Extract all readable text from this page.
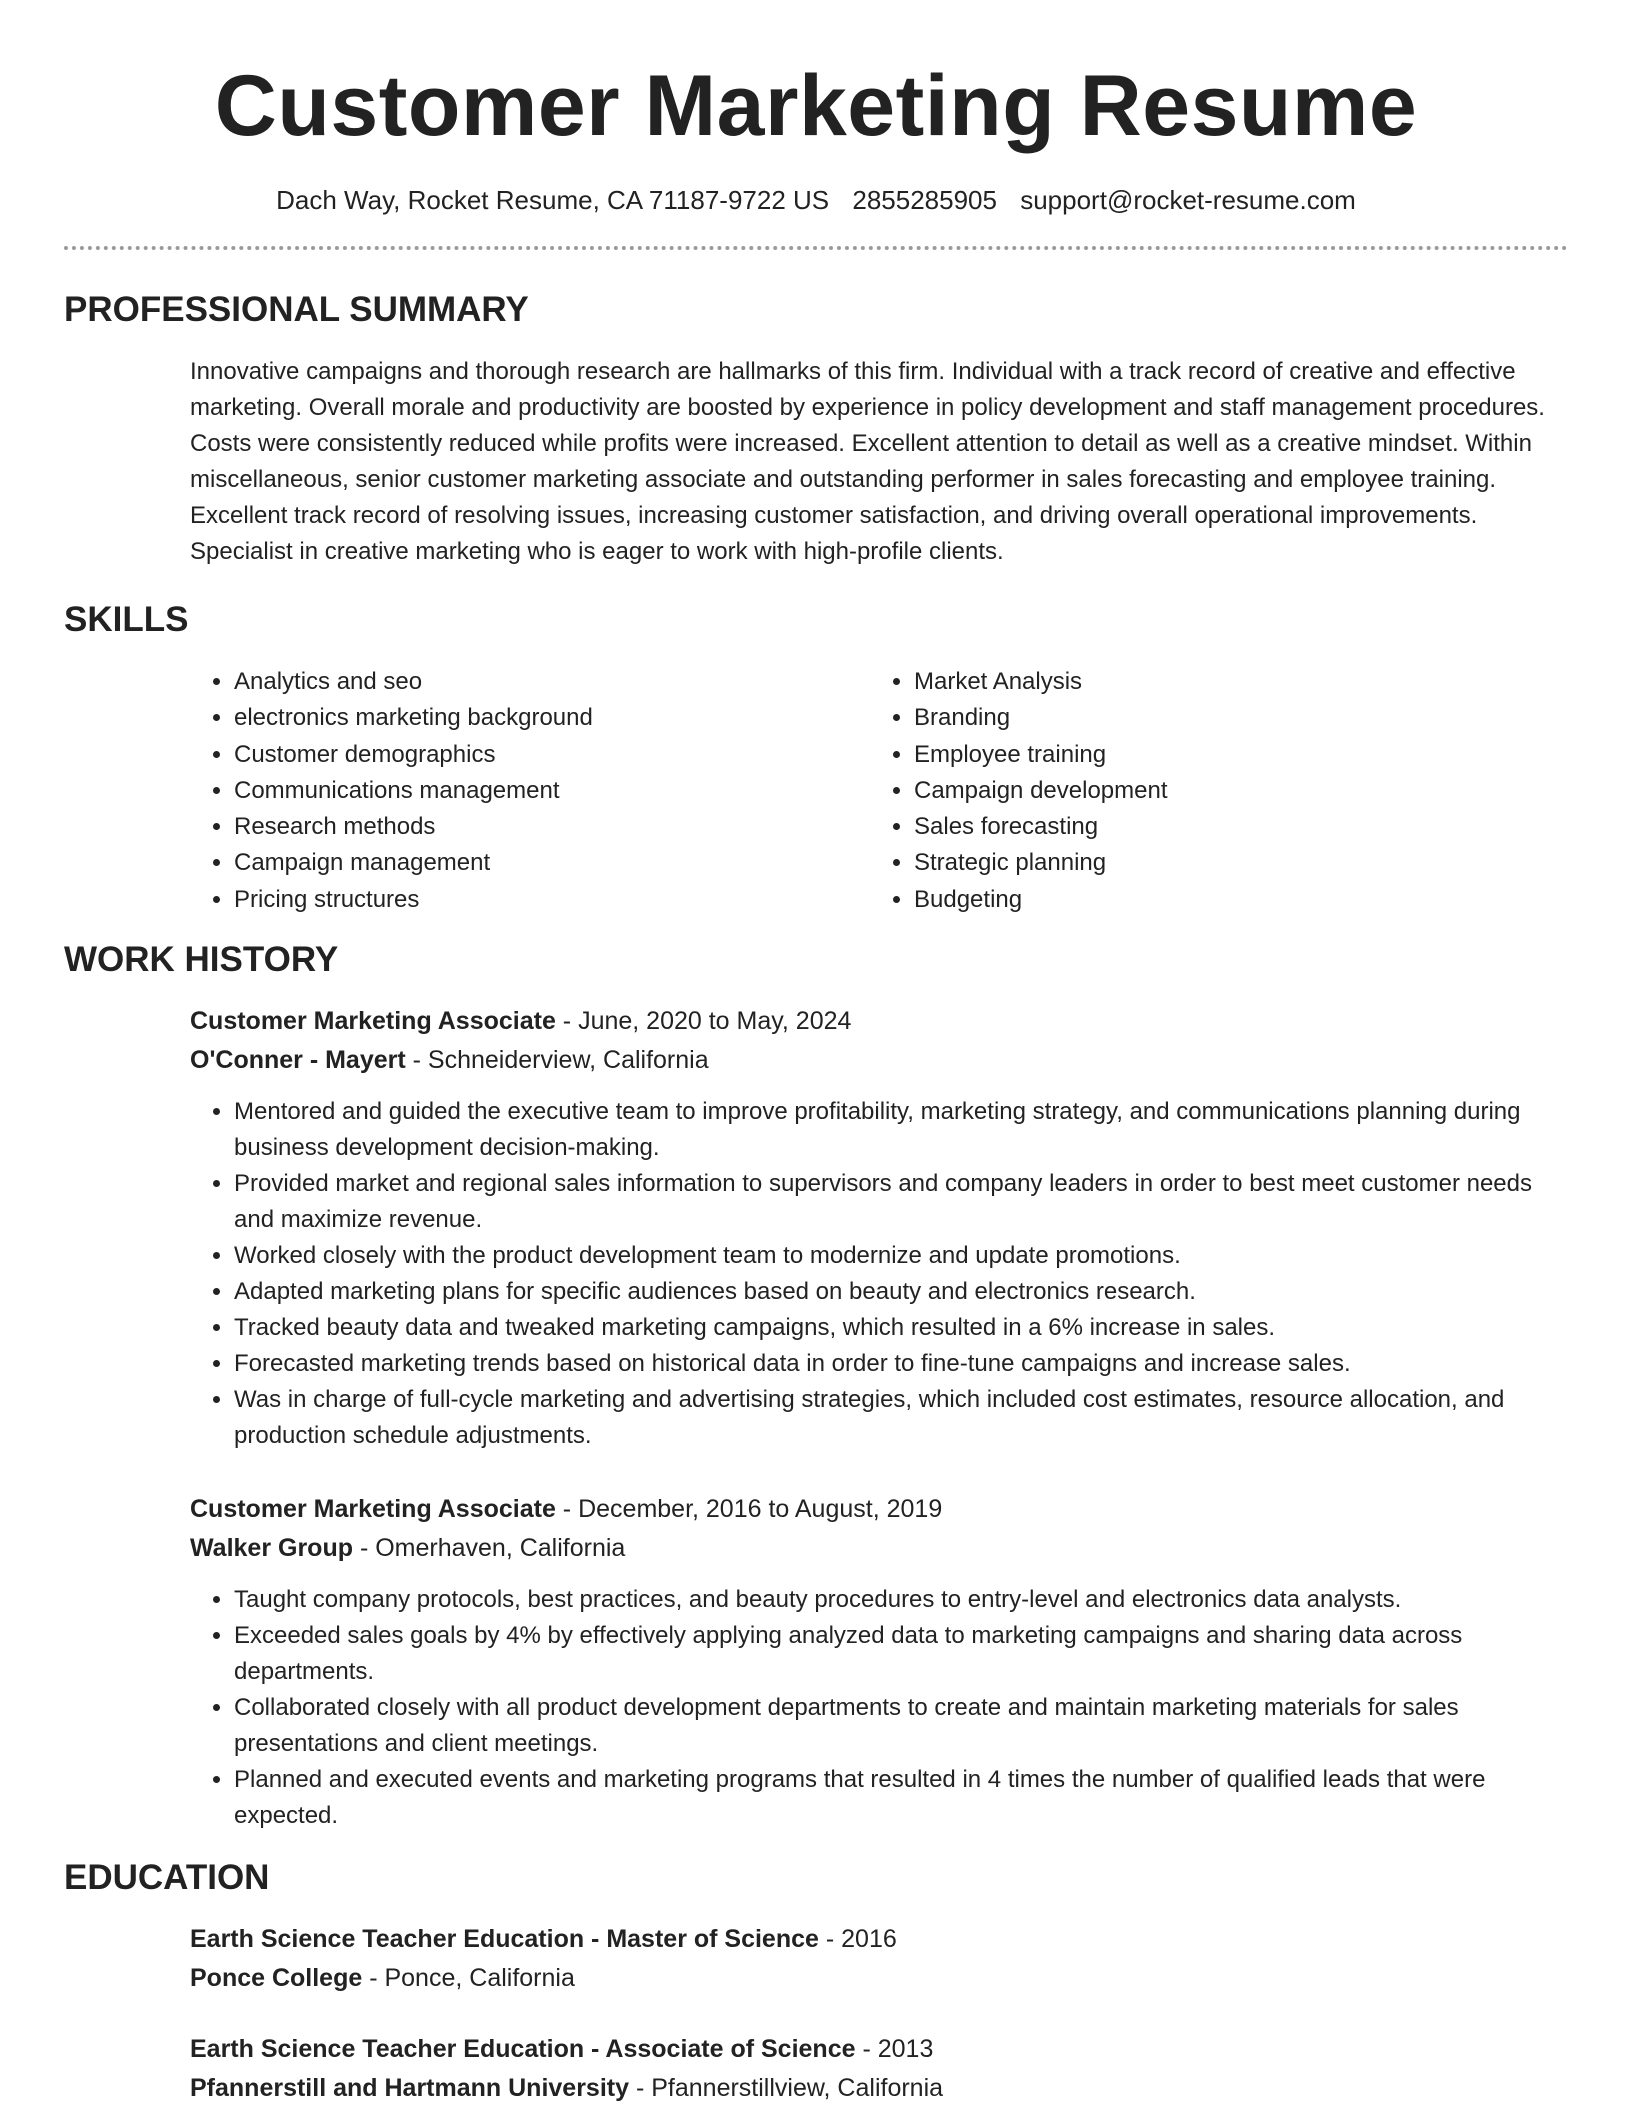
Customer Marketing Resume
Dach Way, Rocket Resume, CA 71187-9722 US 2855285905 support@rocket-resume.com
PROFESSIONAL SUMMARY

Innovative campaigns and thorough research are hallmarks of this firm. Individual with a track record of creative and effective marketing. Overall morale and productivity are boosted by experience in policy development and staff management procedures. Costs were consistently reduced while profits were increased. Excellent attention to detail as well as a creative mindset. Within miscellaneous, senior customer marketing associate and outstanding performer in sales forecasting and employee training. Excellent track record of resolving issues, increasing customer satisfaction, and driving overall operational improvements. Specialist in creative marketing who is eager to work with high-profile clients.

SKILLS
• Analytics and seo
• electronics marketing background
• Customer demographics
• Communications management
• Research methods
• Campaign management
• Pricing structures
• Market Analysis
• Branding
• Employee training
• Campaign development
• Sales forecasting
• Strategic planning
• Budgeting
WORK HISTORY
Customer Marketing Associate - June, 2020 to May, 2024
O'Conner - Mayert - Schneiderview, California
• Mentored and guided the executive team to improve profitability, marketing strategy, and communications planning during business development decision-making.
• Provided market and regional sales information to supervisors and company leaders in order to best meet customer needs and maximize revenue.
• Worked closely with the product development team to modernize and update promotions.
• Adapted marketing plans for specific audiences based on beauty and electronics research.
• Tracked beauty data and tweaked marketing campaigns, which resulted in a 6% increase in sales.
• Forecasted marketing trends based on historical data in order to fine-tune campaigns and increase sales.
• Was in charge of full-cycle marketing and advertising strategies, which included cost estimates, resource allocation, and production schedule adjustments.
Customer Marketing Associate - December, 2016 to August, 2019
Walker Group - Omerhaven, California
• Taught company protocols, best practices, and beauty procedures to entry-level and electronics data analysts.
• Exceeded sales goals by 4% by effectively applying analyzed data to marketing campaigns and sharing data across departments.
• Collaborated closely with all product development departments to create and maintain marketing materials for sales presentations and client meetings.
• Planned and executed events and marketing programs that resulted in 4 times the number of qualified leads that were expected.
EDUCATION
Earth Science Teacher Education - Master of Science - 2016
Ponce College - Ponce, California
Earth Science Teacher Education - Associate of Science - 2013
Pfannerstill and Hartmann University - Pfannerstillview, California
